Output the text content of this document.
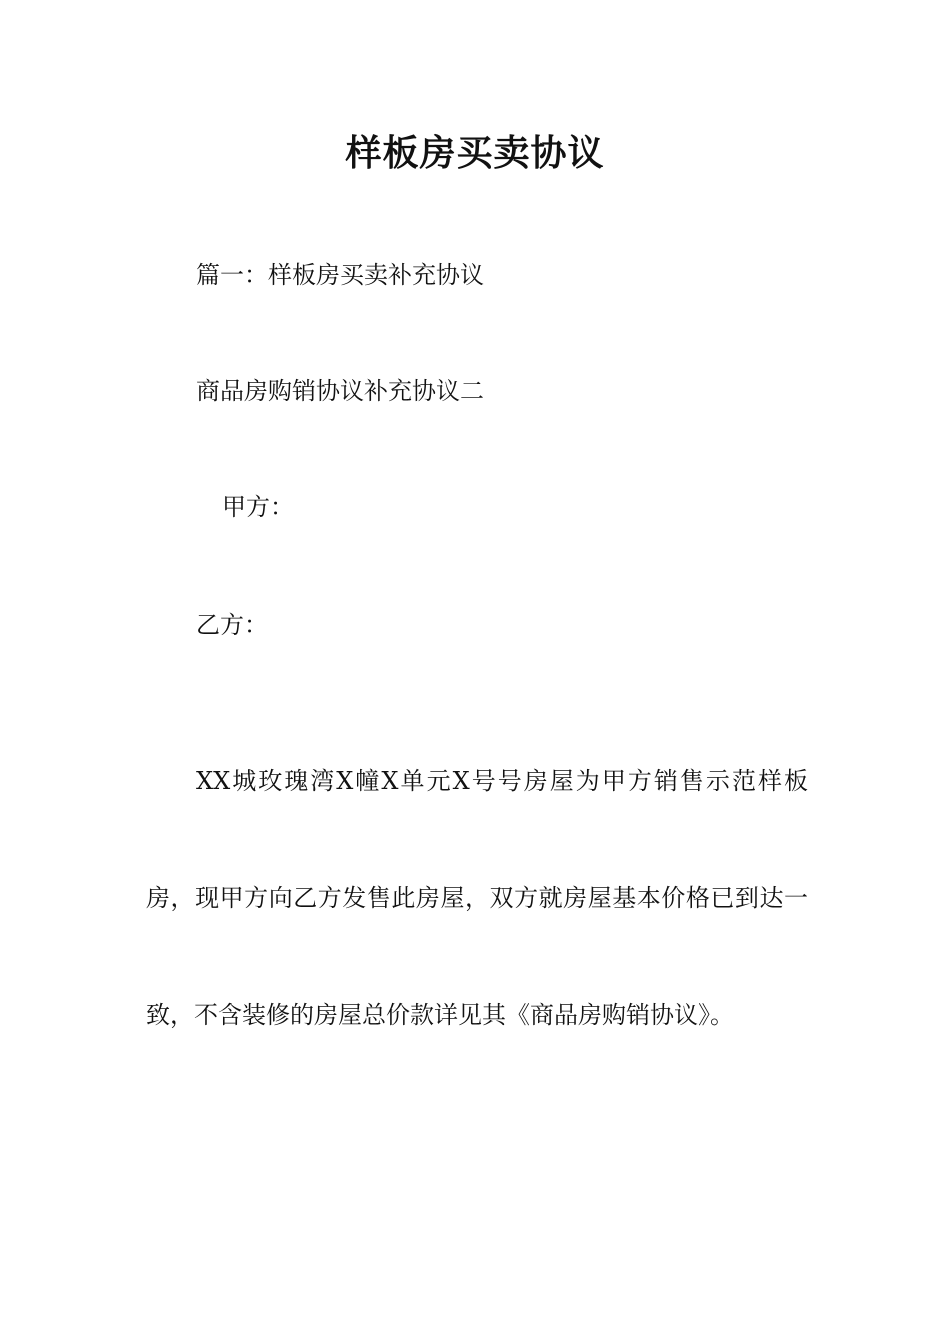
样板房买卖协议

篇一：样板房买卖补充协议

商品房购销协议补充协议二

甲方：

乙方：

XX城玫瑰湾X幢X单元X号号房屋为甲方销售示范样板房，现甲方向乙方发售此房屋，双方就房屋基本价格已到达一致，不含装修的房屋总价款详见其《商品房购销协议》。
